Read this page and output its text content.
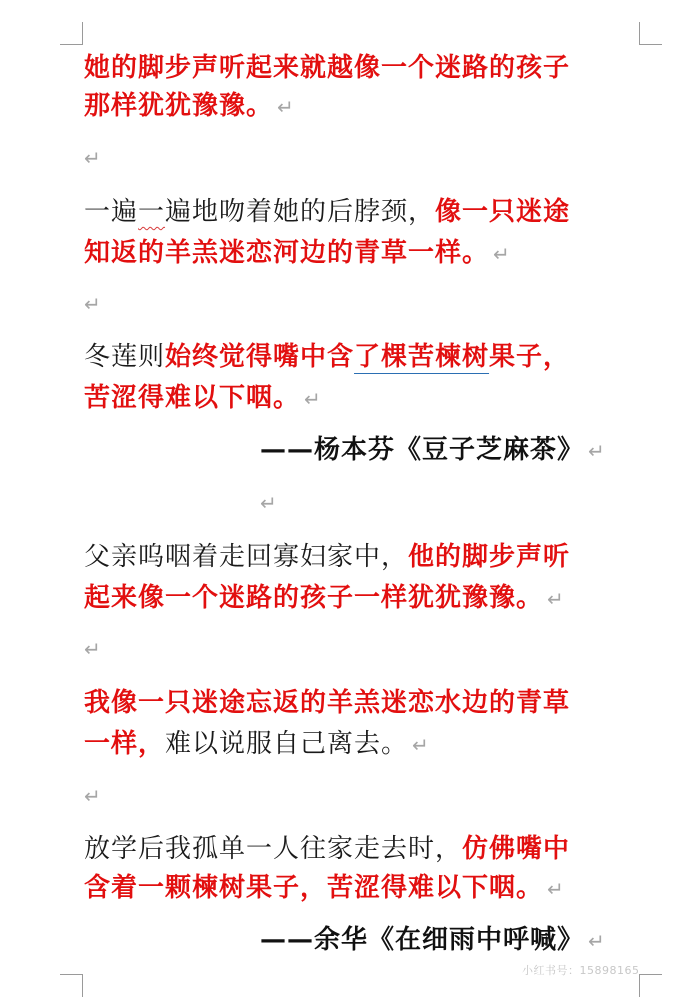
她的脚步声听起来就越像一个迷路的孩子
那样犹犹豫豫。 ↵
↵
一遍一遍地吻着她的后脖颈，像一只迷途
知返的羊羔迷恋河边的青草一样。 ↵
↵
冬莲则始终觉得嘴中含了棵苦楝树果子，
苦涩得难以下咽。 ↵
——杨本芬《豆子芝麻茶》 ↵
↵
父亲呜咽着走回寡妇家中，他的脚步声听
起来像一个迷路的孩子一样犹犹豫豫。 ↵
↵
我像一只迷途忘返的羊羔迷恋水边的青草
一样，难以说服自己离去。 ↵
↵
放学后我孤单一人往家走去时，仿佛嘴中
含着一颗楝树果子，苦涩得难以下咽。 ↵
——余华《在细雨中呼喊》 ↵
小红书号：15898165
